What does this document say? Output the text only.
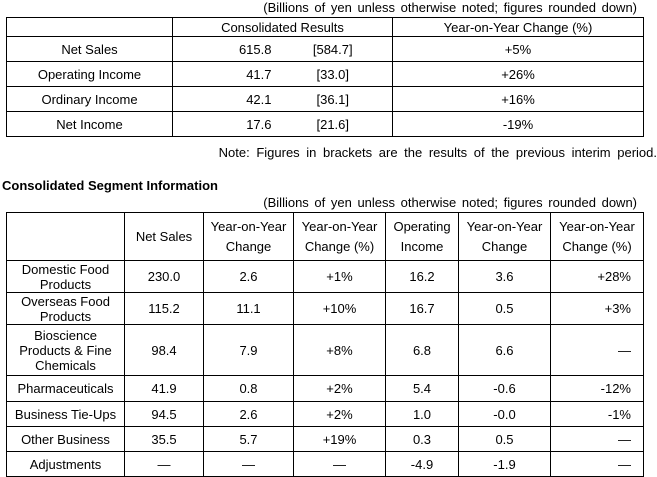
(Billions of yen unless otherwise noted; figures rounded down)
	Consolidated Results		Year-on-Year Change (%)
Net Sales	615.8	[584.7]	+5%
Operating Income	41.7	[33.0]	+26%
Ordinary Income	42.1	[36.1]	+16%
Net Income	17.6	[21.6]	-19%
Note: Figures in brackets are the results of the previous interim period.
Consolidated Segment Information
(Billions of yen unless otherwise noted; figures rounded down)
	Net Sales	Year-on-Year Change	Year-on-Year Change (%)	Operating Income	Year-on-Year Change	Year-on-Year Change (%)
Domestic Food Products	230.0	2.6	+1%	16.2	3.6	+28%
Overseas Food Products	115.2	11.1	+10%	16.7	0.5	+3%
Bioscience Products & Fine Chemicals	98.4	7.9	+8%	6.8	6.6	—
Pharmaceuticals	41.9	0.8	+2%	5.4	-0.6	-12%
Business Tie-Ups	94.5	2.6	+2%	1.0	-0.0	-1%
Other Business	35.5	5.7	+19%	0.3	0.5	—
Adjustments	—	—	—	-4.9	-1.9	—
